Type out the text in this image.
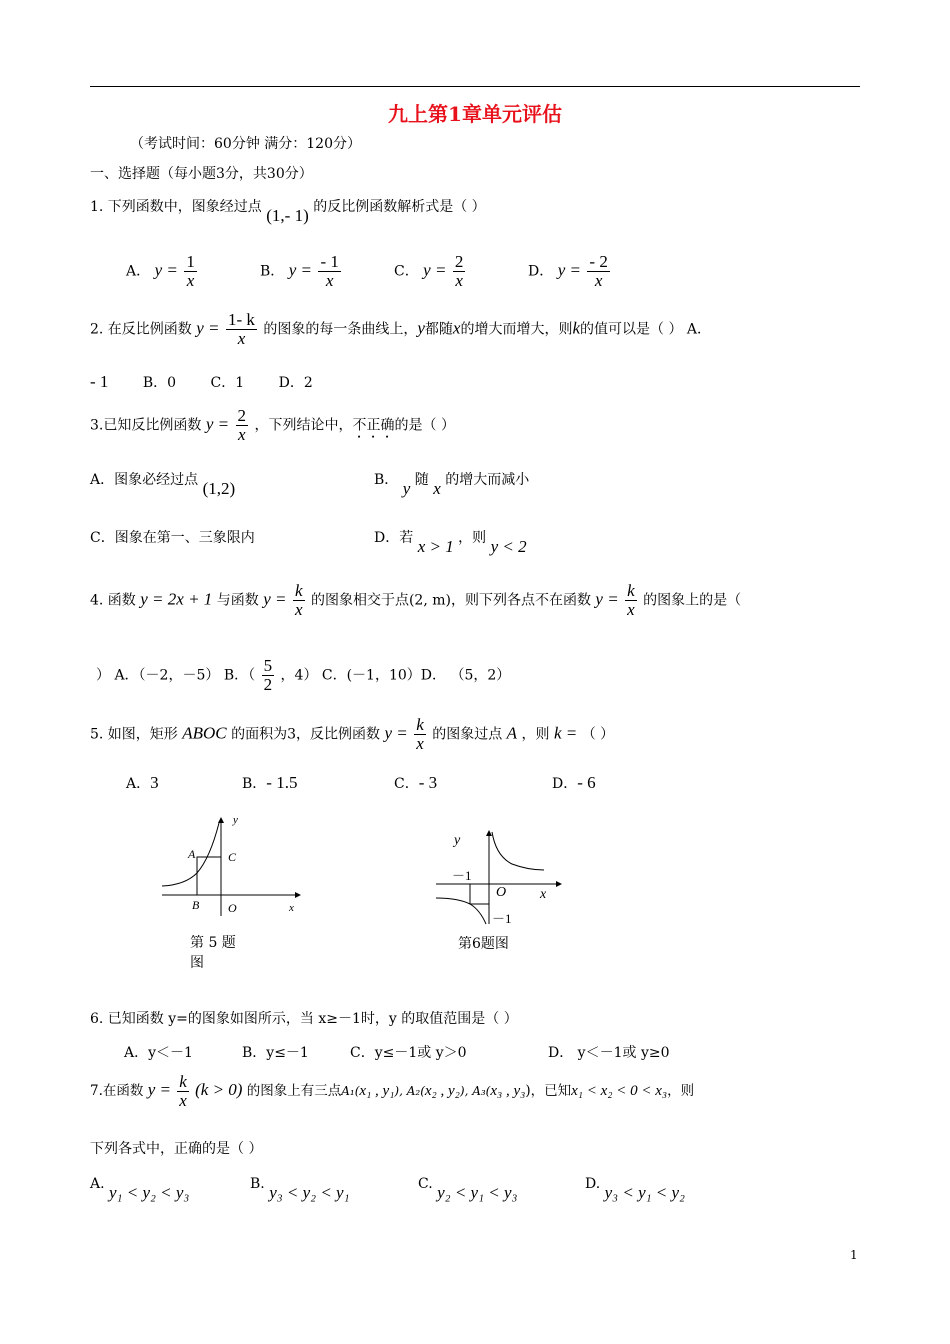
九上第1章单元评估
（考试时间：60分钟 满分：120分）
一、选择题（每小题3分，共30分）
1. 下列函数中，图象经过点 (1,- 1) 的反比例函数解析式是（ ）
A． $y = \frac{1}{x}$	B． $y = \frac{- 1}{x}$	C． $y = \frac{2}{x}$	D． $y = \frac{- 2}{x}$
2. 在反比例函数 $y = \frac{1- k}{x}$ 的图象的每一条曲线上，y都随x的增大而增大，则k的值可以是（ ） A．
- 1 B．0 C．1 D．2
3.已知反比例函数 $y = \frac{2}{x}$ ，下列结论中，不正确的是（ ）
A．图象必经过点 (1,2)	B． y 随 x 的增大而减小
C．图象在第一、三象限内	D．若 x > 1 ，则 y < 2
4. 函数 y = 2x + 1 与函数 $y = \frac{k}{x}$ 的图象相交于点(2, m)，则下列各点不在函数 $y = \frac{k}{x}$ 的图象上的是（
） A．（－2，－5） B．（ $\frac{5}{2}$ ，4） C．(－1，10）D． （5，2）
5. 如图，矩形 ABOC 的面积为3，反比例函数 $y = \frac{k}{x}$ 的图象过点 A ，则 k = （ ）
A．3	B．- 1.5	C．- 3	D．- 6
y
x
A	C
B O
第 5 题
图
y
x
O
－1
－1
第6题图
6. 已知函数 y=的图象如图所示，当 x≥－1时，y 的取值范围是（ ）
A．y＜－1	B．y≤－1	C．y≤－1或 y＞0	D． y＜－1或 y≥0
7.在函数 $y = \frac{k}{x} (k > 0)$ 的图象上有三点A₁(x₁ , y₁), A₂(x₂ , y₂), A₃(x₃ , y₃)，已知x₁ < x₂ < 0 < x₃，则
下列各式中，正确的是（ ）
A. y₁ < y₂ < y₃	B. y₃ < y₂ < y₁	C. y₂ < y₁ < y₃	D. y₃ < y₁ < y₂
1
